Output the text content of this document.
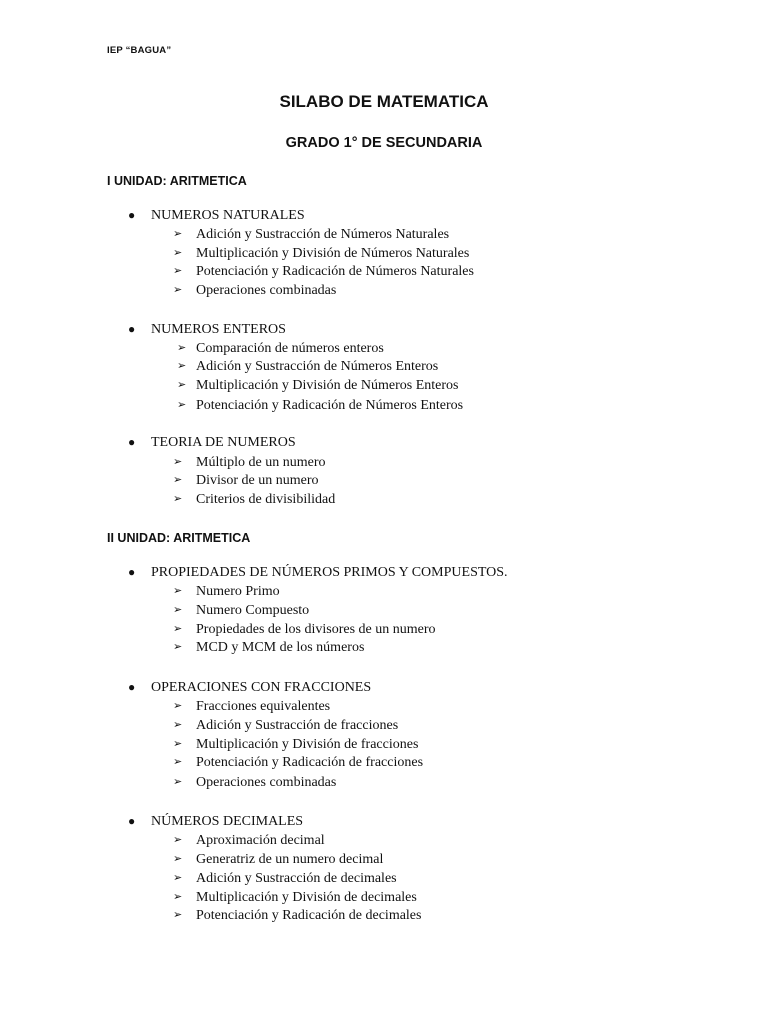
IEP “BAGUA”
SILABO DE MATEMATICA
GRADO 1° DE SECUNDARIA
I UNIDAD: ARITMETICA
● NUMEROS NATURALES
➢ Adición y Sustracción de Números Naturales
➢ Multiplicación y División de Números Naturales
➢ Potenciación y Radicación de Números Naturales
➢ Operaciones combinadas
● NUMEROS ENTEROS
➢ Comparación de números enteros
➢ Adición y Sustracción de Números Enteros
➢ Multiplicación y División de Números Enteros
➢ Potenciación y Radicación de Números Enteros
● TEORIA DE NUMEROS
➢ Múltiplo de un numero
➢ Divisor de un numero
➢ Criterios de divisibilidad
II UNIDAD: ARITMETICA
● PROPIEDADES DE NÚMEROS PRIMOS Y COMPUESTOS.
➢ Numero Primo
➢ Numero Compuesto
➢ Propiedades de los divisores de un numero
➢ MCD y MCM de los números
● OPERACIONES CON FRACCIONES
➢ Fracciones equivalentes
➢ Adición y Sustracción de fracciones
➢ Multiplicación y División de fracciones
➢ Potenciación y Radicación de fracciones
➢ Operaciones combinadas
● NÚMEROS DECIMALES
➢ Aproximación decimal
➢ Generatriz de un numero decimal
➢ Adición y Sustracción de decimales
➢ Multiplicación y División de decimales
➢ Potenciación y Radicación de decimales
